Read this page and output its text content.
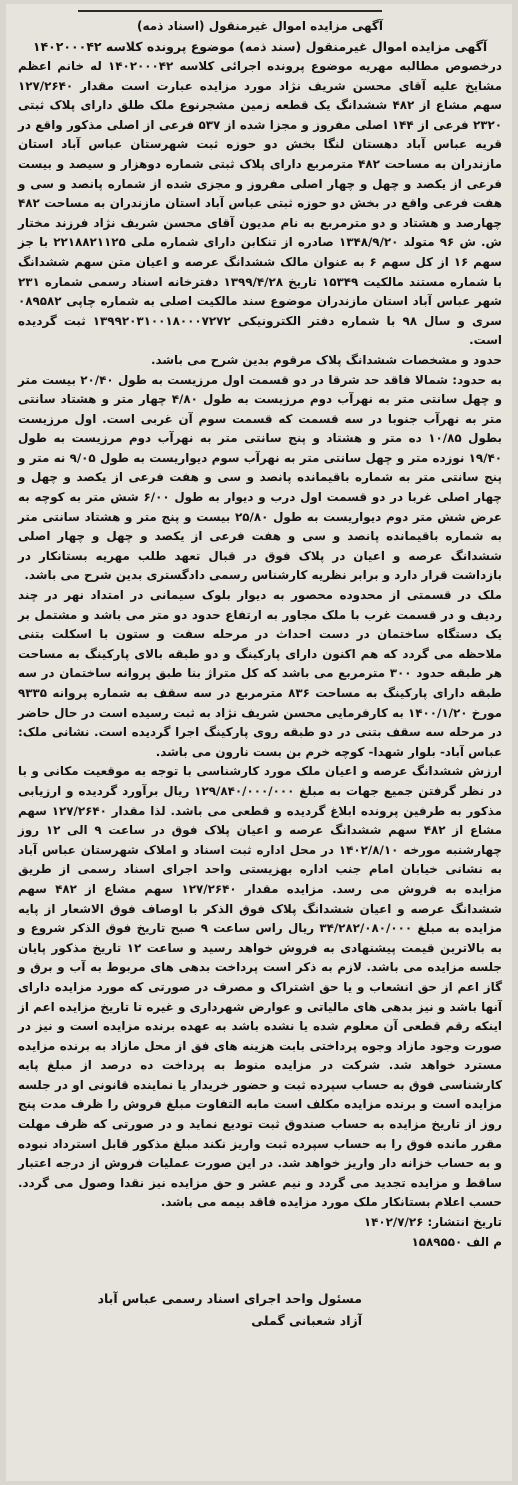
آگهی مزایده اموال غیرمنقول (اسناد ذمه)

آگهی مزایده اموال غیرمنقول (سند ذمه) موضوع پرونده کلاسه ۱۴۰۲۰۰۰۴۲

درخصوص مطالبه مهریه موضوع پرونده اجرائی کلاسه ۱۴۰۲۰۰۰۴۲ له خانم اعظم مشایخ علیه آقای محسن شریف نژاد مورد مزایده عبارت است مقدار ۱۲۷/۲۶۴۰ سهم مشاع از ۴۸۲ ششدانگ یک قطعه زمین مشجرنوع ملک طلق دارای پلاک ثبتی ۲۳۲۰ فرعی از ۱۴۴ اصلی مفروز و مجزا شده از ۵۳۷ فرعی از اصلی مذکور واقع در قریه عباس آباد دهستان لنگا بخش دو حوزه ثبت شهرستان عباس آباد استان مازندران به مساحت ۴۸۲ مترمربع دارای پلاک ثبتی شماره دوهزار و سیصد و بیست فرعی از یکصد و چهل و چهار اصلی مفروز و مجزی شده از شماره پانصد و سی و هفت فرعی واقع در بخش دو حوزه ثبتی عباس آباد استان مازندران به مساحت ۴۸۲ چهارصد و هشتاد و دو مترمربع به نام مدیون آقای محسن شریف نژاد فرزند مختار ش. ش ۹۶ متولد ۱۳۴۸/۹/۲۰ صادره از تنکابن دارای شماره ملی ۲۲۱۸۸۲۱۱۲۵ با جز سهم ۱۶ از کل سهم ۶ به عنوان مالک ششدانگ عرصه و اعیان متن سهم ششدانگ با شماره مستند مالکیت ۱۵۳۴۹ تاریخ ۱۳۹۹/۴/۲۸ دفترخانه اسناد رسمی شماره ۲۳۱ شهر عباس آباد استان مازندران موضوع سند مالکیت اصلی به شماره چاپی ۰۸۹۵۸۲ سری و سال ۹۸ با شماره دفتر الکترونیکی ۱۳۹۹۲۰۳۱۰۰۱۸۰۰۰۷۲۷۲ ثبت گردیده است.

حدود و مشخصات ششدانگ پلاک مرقوم بدین شرح می باشد.

به حدود: شمالا فاقد حد شرقا در دو قسمت اول مرزیست به طول ۲۰/۴۰ بیست متر و چهل سانتی متر به نهرآب دوم مرزیست به طول ۴/۸۰ چهار متر و هشتاد سانتی متر به نهرآب جنوبا در سه قسمت که قسمت سوم آن غربی است. اول مرزیست بطول ۱۰/۸۵ ده متر و هشتاد و پنج سانتی متر به نهرآب دوم مرزیست به طول ۱۹/۴۰ نوزده متر و چهل سانتی متر به نهرآب سوم دیواریست به طول ۹/۰۵ نه متر و پنج سانتی متر به شماره باقیمانده پانصد و سی و هفت فرعی از یکصد و چهل و چهار اصلی غربا در دو قسمت اول درب و دیوار به طول ۶/۰۰ شش متر به کوچه به عرض شش متر دوم دیواریست به طول ۲۵/۸۰ بیست و پنج متر و هشتاد سانتی متر به شماره باقیمانده پانصد و سی و هفت فرعی از یکصد و چهل و چهار اصلی ششدانگ عرصه و اعیان در پلاک فوق در قبال تعهد طلب مهریه بستانکار در بازداشت قرار دارد و برابر نظریه کارشناس رسمی دادگستری بدین شرح می باشد.

ملک در قسمتی از محدوده محصور به دیوار بلوک سیمانی در امتداد نهر در چند ردیف و در قسمت غرب با ملک مجاور به ارتفاع حدود دو متر می باشد و مشتمل بر یک دستگاه ساختمان در دست احداث در مرحله سفت و ستون با اسکلت بتنی ملاحظه می گردد که هم اکنون دارای پارکینگ و دو طبقه بالای پارکینگ به مساحت هر طبقه حدود ۳۰۰ مترمربع می باشد که کل متراژ بنا طبق پروانه ساختمان در سه طبقه دارای پارکینگ به مساحت ۸۳۶ مترمربع در سه سقف به شماره پروانه ۹۳۳۵ مورخ ۱۴۰۰/۱/۲۰ به کارفرمایی محسن شریف نژاد به ثبت رسیده است در حال حاضر در مرحله سه سقف بتنی در دو طبقه روی پارکینگ اجرا گردیده است. نشانی ملک: عباس آباد- بلوار شهدا- کوچه خرم بن بست نارون می باشد.

ارزش ششدانگ عرصه و اعیان ملک مورد کارشناسی با توجه به موقعیت مکانی و با در نظر گرفتن جمیع جهات به مبلغ ۱۲۹/۸۴۰/۰۰۰/۰۰۰ ریال برآورد گردیده و ارزیابی مذکور به طرفین پرونده ابلاغ گردیده و قطعی می باشد. لذا مقدار ۱۲۷/۲۶۴۰ سهم مشاع از ۴۸۲ سهم ششدانگ عرصه و اعیان پلاک فوق در ساعت ۹ الی ۱۲ روز چهارشنبه مورخه ۱۴۰۲/۸/۱۰ در محل اداره ثبت اسناد و املاک شهرستان عباس آباد به نشانی خیابان امام جنب اداره بهزیستی واحد اجرای اسناد رسمی از طریق مزایده به فروش می رسد. مزایده مقدار ۱۲۷/۲۶۴۰ سهم مشاع از ۴۸۲ سهم ششدانگ عرصه و اعیان ششدانگ پلاک فوق الذکر با اوصاف فوق الاشعار از پایه مزایده به مبلغ ۳۴/۲۸۲/۰۸۰/۰۰۰ ریال راس ساعت ۹ صبح تاریخ فوق الذکر شروع و به بالاترین قیمت پیشنهادی به فروش خواهد رسید و ساعت ۱۲ تاریخ مذکور پایان جلسه مزایده می باشد. لازم به ذکر است پرداخت بدهی های مربوط به آب و برق و گاز اعم از حق انشعاب و یا حق اشتراک و مصرف در صورتی که مورد مزایده دارای آنها باشد و نیز بدهی های مالیاتی و عوارض شهرداری و غیره تا تاریخ مزایده اعم از اینکه رقم قطعی آن معلوم شده یا نشده باشد به عهده برنده مزایده است و نیز در صورت وجود مازاد وجوه پرداختی بابت هزینه های فق از محل مازاد به برنده مزایده مسترد خواهد شد. شرکت در مزایده منوط به پرداخت ده درصد از مبلغ پایه کارشناسی فوق به حساب سپرده ثبت و حضور خریدار یا نماینده قانونی او در جلسه مزایده است و برنده مزایده مکلف است مابه التفاوت مبلغ فروش را ظرف مدت پنج روز از تاریخ مزایده به حساب صندوق ثبت تودیع نماید و در صورتی که ظرف مهلت مقرر مانده فوق را به حساب سپرده ثبت واریز نکند مبلغ مذکور قابل استرداد نبوده و به حساب خزانه دار واریز خواهد شد. در این صورت عملیات فروش از درجه اعتبار ساقط و مزایده تجدید می گردد و نیم عشر و حق مزایده نیز نقدا وصول می گردد. حسب اعلام بستانکار ملک مورد مزایده فاقد بیمه می باشد.

تاریخ انتشار: ۱۴۰۲/۷/۲۶

م الف ۱۵۸۹۵۵۰

مسئول واحد اجرای اسناد رسمی عباس آباد
آزاد شعبانی گملی
